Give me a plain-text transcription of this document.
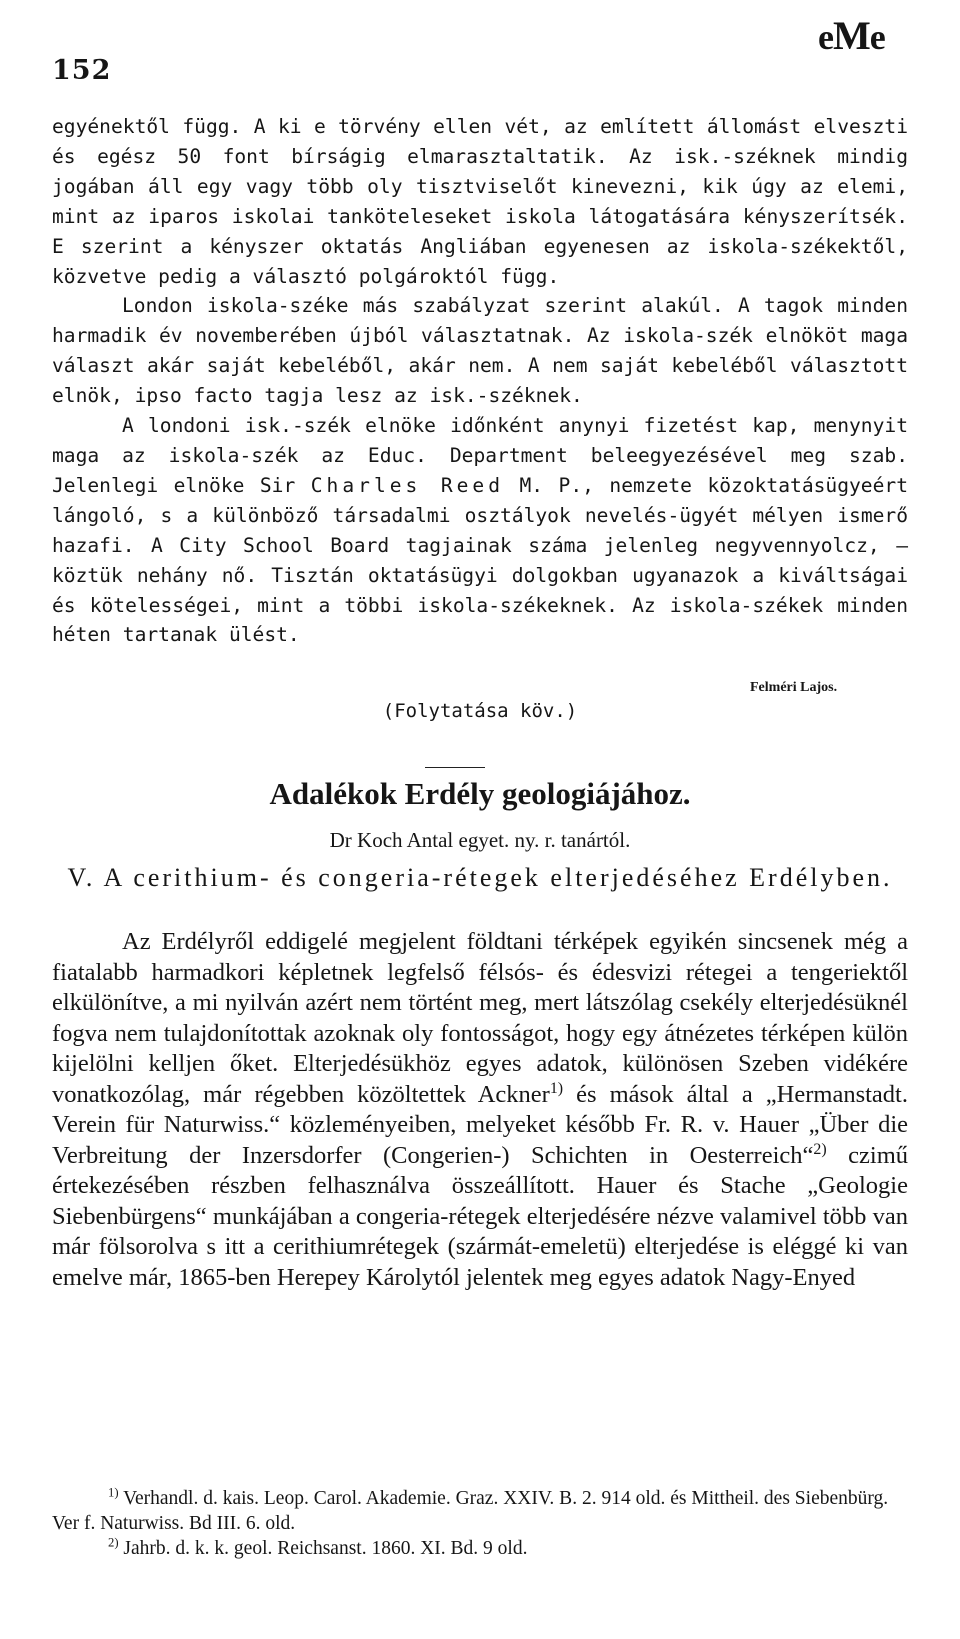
152
eMe

egyénektől függ. A ki e törvény ellen vét, az említett állomást elveszti és egész 50 font bírságig elmarasztaltatik. Az isk.-széknek mindig jogában áll egy vagy több oly tisztviselőt kinevezni, kik úgy az elemi, mint az iparos iskolai tanköteleseket iskola látogatására kényszerítsék. E szerint a kényszer oktatás Angliában egyenesen az iskola-székektől, közvetve pedig a választó polgároktól függ.

London iskola-széke más szabályzat szerint alakúl. A tagok minden harmadik év novemberében újból választatnak. Az iskola-szék elnököt maga választ akár saját kebeléből, akár nem. A nem saját kebeléből választott elnök, ipso facto tagja lesz az isk.-széknek.

A londoni isk.-szék elnöke időnként anynyi fizetést kap, menynyit maga az iskola-szék az Educ. Department beleegyezésével meg szab. Jelenlegi elnöke Sir Charles Reed M. P., nemzete közoktatásügyeért lángoló, s a különböző társadalmi osztályok nevelés-ügyét mélyen ismerő hazafi. A City School Board tagjainak száma jelenleg negyvennyolcz, — köztük nehány nő. Tisztán oktatásügyi dolgokban ugyanazok a kiváltságai és kötelességei, mint a többi iskola-székeknek. Az iskola-székek minden héten tartanak ülést.

Felméri Lajos.
(Folytatása köv.)
Adalékok Erdély geologiájához.
Dr Koch Antal egyet. ny. r. tanártól.
V. A cerithium- és congeria-rétegek elterjedéséhez Erdélyben.

Az Erdélyről eddigelé megjelent földtani térképek egyikén sincsenek még a fiatalabb harmadkori képletnek legfelső félsós- és édesvizi rétegei a tengeriektől elkülönítve, a mi nyilván azért nem történt meg, mert látszólag csekély elterjedésüknél fogva nem tulajdonítottak azoknak oly fontosságot, hogy egy átnézetes térképen külön kijelölni kelljen őket. Elterjedésükhöz egyes adatok, különösen Szeben vidékére vonatkozólag, már régebben közöltettek Ackner$^{1)}$ és mások által a „Hermanstadt. Verein für Naturwiss.“ közleményeiben, melyeket később Fr. R. v. Hauer „Über die Verbreitung der Inzersdorfer (Congerien-) Schichten in Oesterreich“$^{2)}$ czimű értekezésében részben felhasználva összeállított. Hauer és Stache „Geologie Siebenbürgens“ munkájában a congeria-rétegek elterjedésére nézve valamivel több van már fölsorolva s itt a cerithiumrétegek (szármát-emeletü) elterjedése is eléggé ki van emelve már, 1865-ben Herepey Károlytól jelentek meg egyes adatok Nagy-Enyed

$^{1)}$ Verhandl. d. kais. Leop. Carol. Akademie. Graz. XXIV. B. 2. 914 old. és Mittheil. des Siebenbürg. Ver f. Naturwiss. Bd III. 6. old.

$^{2)}$ Jahrb. d. k. k. geol. Reichsanst. 1860. XI. Bd. 9 old.
